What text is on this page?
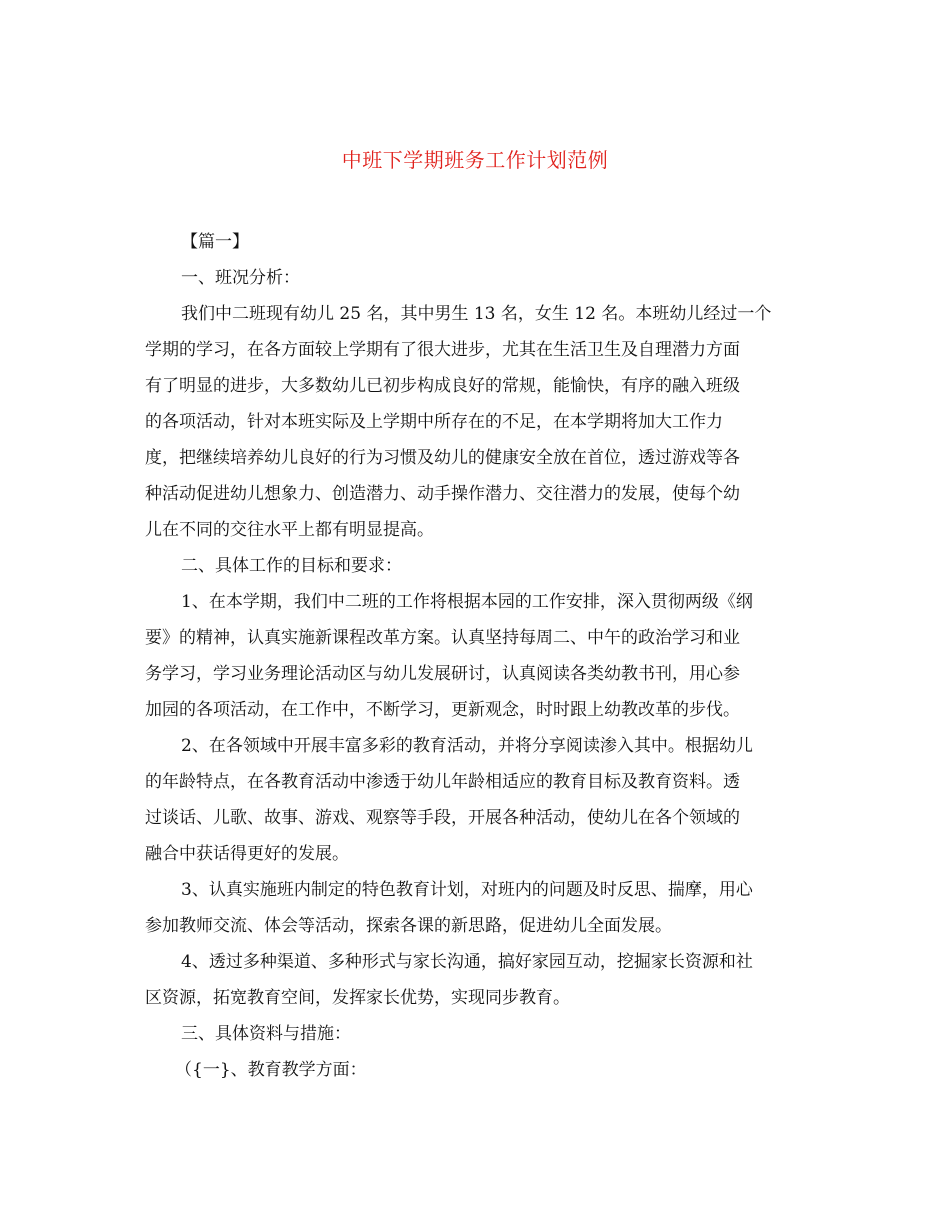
中班下学期班务工作计划范例
【篇一】
一、班况分析：
我们中二班现有幼儿 25 名，其中男生 13 名，女生 12 名。本班幼儿经过一个
学期的学习，在各方面较上学期有了很大进步，尤其在生活卫生及自理潜力方面
有了明显的进步，大多数幼儿已初步构成良好的常规，能愉快，有序的融入班级
的各项活动，针对本班实际及上学期中所存在的不足，在本学期将加大工作力
度，把继续培养幼儿良好的行为习惯及幼儿的健康安全放在首位，透过游戏等各
种活动促进幼儿想象力、创造潜力、动手操作潜力、交往潜力的发展，使每个幼
儿在不同的交往水平上都有明显提高。
二、具体工作的目标和要求：
1、在本学期，我们中二班的工作将根据本园的工作安排，深入贯彻两级《纲
要》的精神，认真实施新课程改革方案。认真坚持每周二、中午的政治学习和业
务学习，学习业务理论活动区与幼儿发展研讨，认真阅读各类幼教书刊，用心参
加园的各项活动，在工作中，不断学习，更新观念，时时跟上幼教改革的步伐。
2、在各领域中开展丰富多彩的教育活动，并将分享阅读渗入其中。根据幼儿
的年龄特点，在各教育活动中渗透于幼儿年龄相适应的教育目标及教育资料。透
过谈话、儿歌、故事、游戏、观察等手段，开展各种活动，使幼儿在各个领域的
融合中获话得更好的发展。
3、认真实施班内制定的特色教育计划，对班内的问题及时反思、揣摩，用心
参加教师交流、体会等活动，探索各课的新思路，促进幼儿全面发展。
4、透过多种渠道、多种形式与家长沟通，搞好家园互动，挖掘家长资源和社
区资源，拓宽教育空间，发挥家长优势，实现同步教育。
三、具体资料与措施：
（{一}、教育教学方面：
